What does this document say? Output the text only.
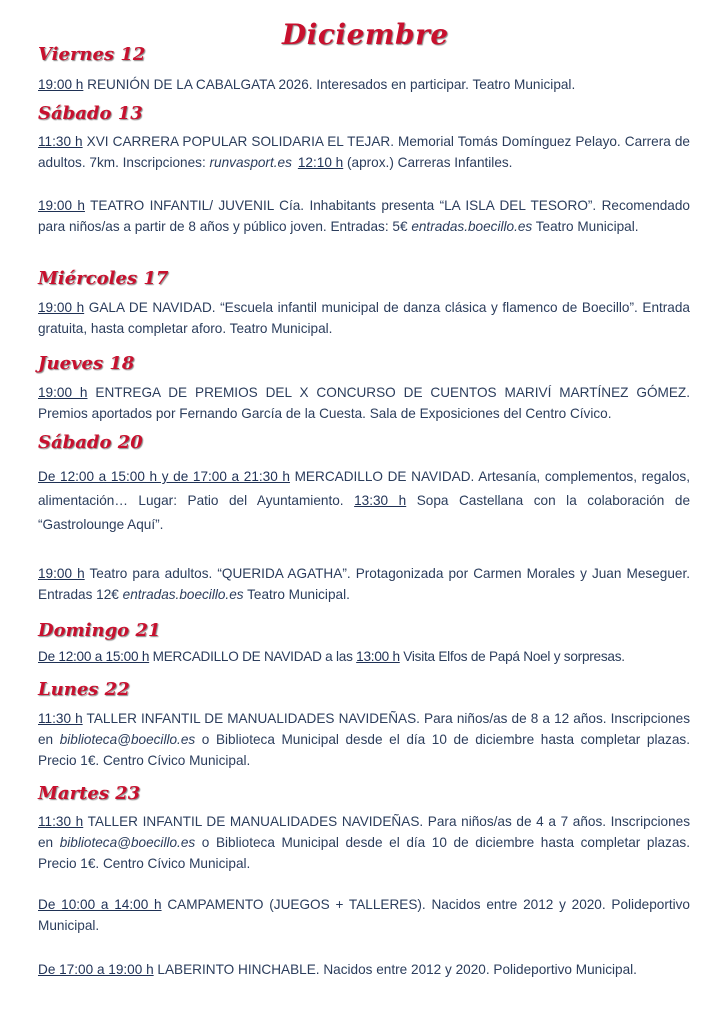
Diciembre
Viernes 12
19:00 h REUNIÓN DE LA CABALGATA 2026. Interesados en participar. Teatro Municipal.
Sábado 13
11:30 h XVI CARRERA POPULAR SOLIDARIA EL TEJAR. Memorial Tomás Domínguez Pelayo. Carrera de adultos. 7km. Inscripciones: runvasport.es 12:10 h (aprox.) Carreras Infantiles.
19:00 h TEATRO INFANTIL/ JUVENIL Cía. Inhabitants presenta “LA ISLA DEL TESORO”. Recomendado para niños/as a partir de 8 años y público joven. Entradas: 5€ entradas.boecillo.es Teatro Municipal.
Miércoles 17
19:00 h GALA DE NAVIDAD. “Escuela infantil municipal de danza clásica y flamenco de Boecillo”. Entrada gratuita, hasta completar aforo. Teatro Municipal.
Jueves 18
19:00 h ENTREGA DE PREMIOS DEL X CONCURSO DE CUENTOS MARIVÍ MARTÍNEZ GÓMEZ. Premios aportados por Fernando García de la Cuesta. Sala de Exposiciones del Centro Cívico.
Sábado 20
De 12:00 a 15:00 h y de 17:00 a 21:30 h MERCADILLO DE NAVIDAD. Artesanía, complementos, regalos, alimentación… Lugar: Patio del Ayuntamiento. 13:30 h Sopa Castellana con la colaboración de “Gastrolounge Aquí”.
19:00 h Teatro para adultos. “QUERIDA AGATHA”. Protagonizada por Carmen Morales y Juan Meseguer. Entradas 12€ entradas.boecillo.es Teatro Municipal.
Domingo 21
De 12:00 a 15:00 h MERCADILLO DE NAVIDAD a las 13:00 h Visita Elfos de Papá Noel y sorpresas.
Lunes 22
11:30 h TALLER INFANTIL DE MANUALIDADES NAVIDEÑAS. Para niños/as de 8 a 12 años. Inscripciones en biblioteca@boecillo.es o Biblioteca Municipal desde el día 10 de diciembre hasta completar plazas. Precio 1€. Centro Cívico Municipal.
Martes 23
11:30 h TALLER INFANTIL DE MANUALIDADES NAVIDEÑAS. Para niños/as de 4 a 7 años. Inscripciones en biblioteca@boecillo.es o Biblioteca Municipal desde el día 10 de diciembre hasta completar plazas. Precio 1€. Centro Cívico Municipal.
De 10:00 a 14:00 h CAMPAMENTO (JUEGOS + TALLERES). Nacidos entre 2012 y 2020. Polideportivo Municipal.
De 17:00 a 19:00 h LABERINTO HINCHABLE. Nacidos entre 2012 y 2020. Polideportivo Municipal.
